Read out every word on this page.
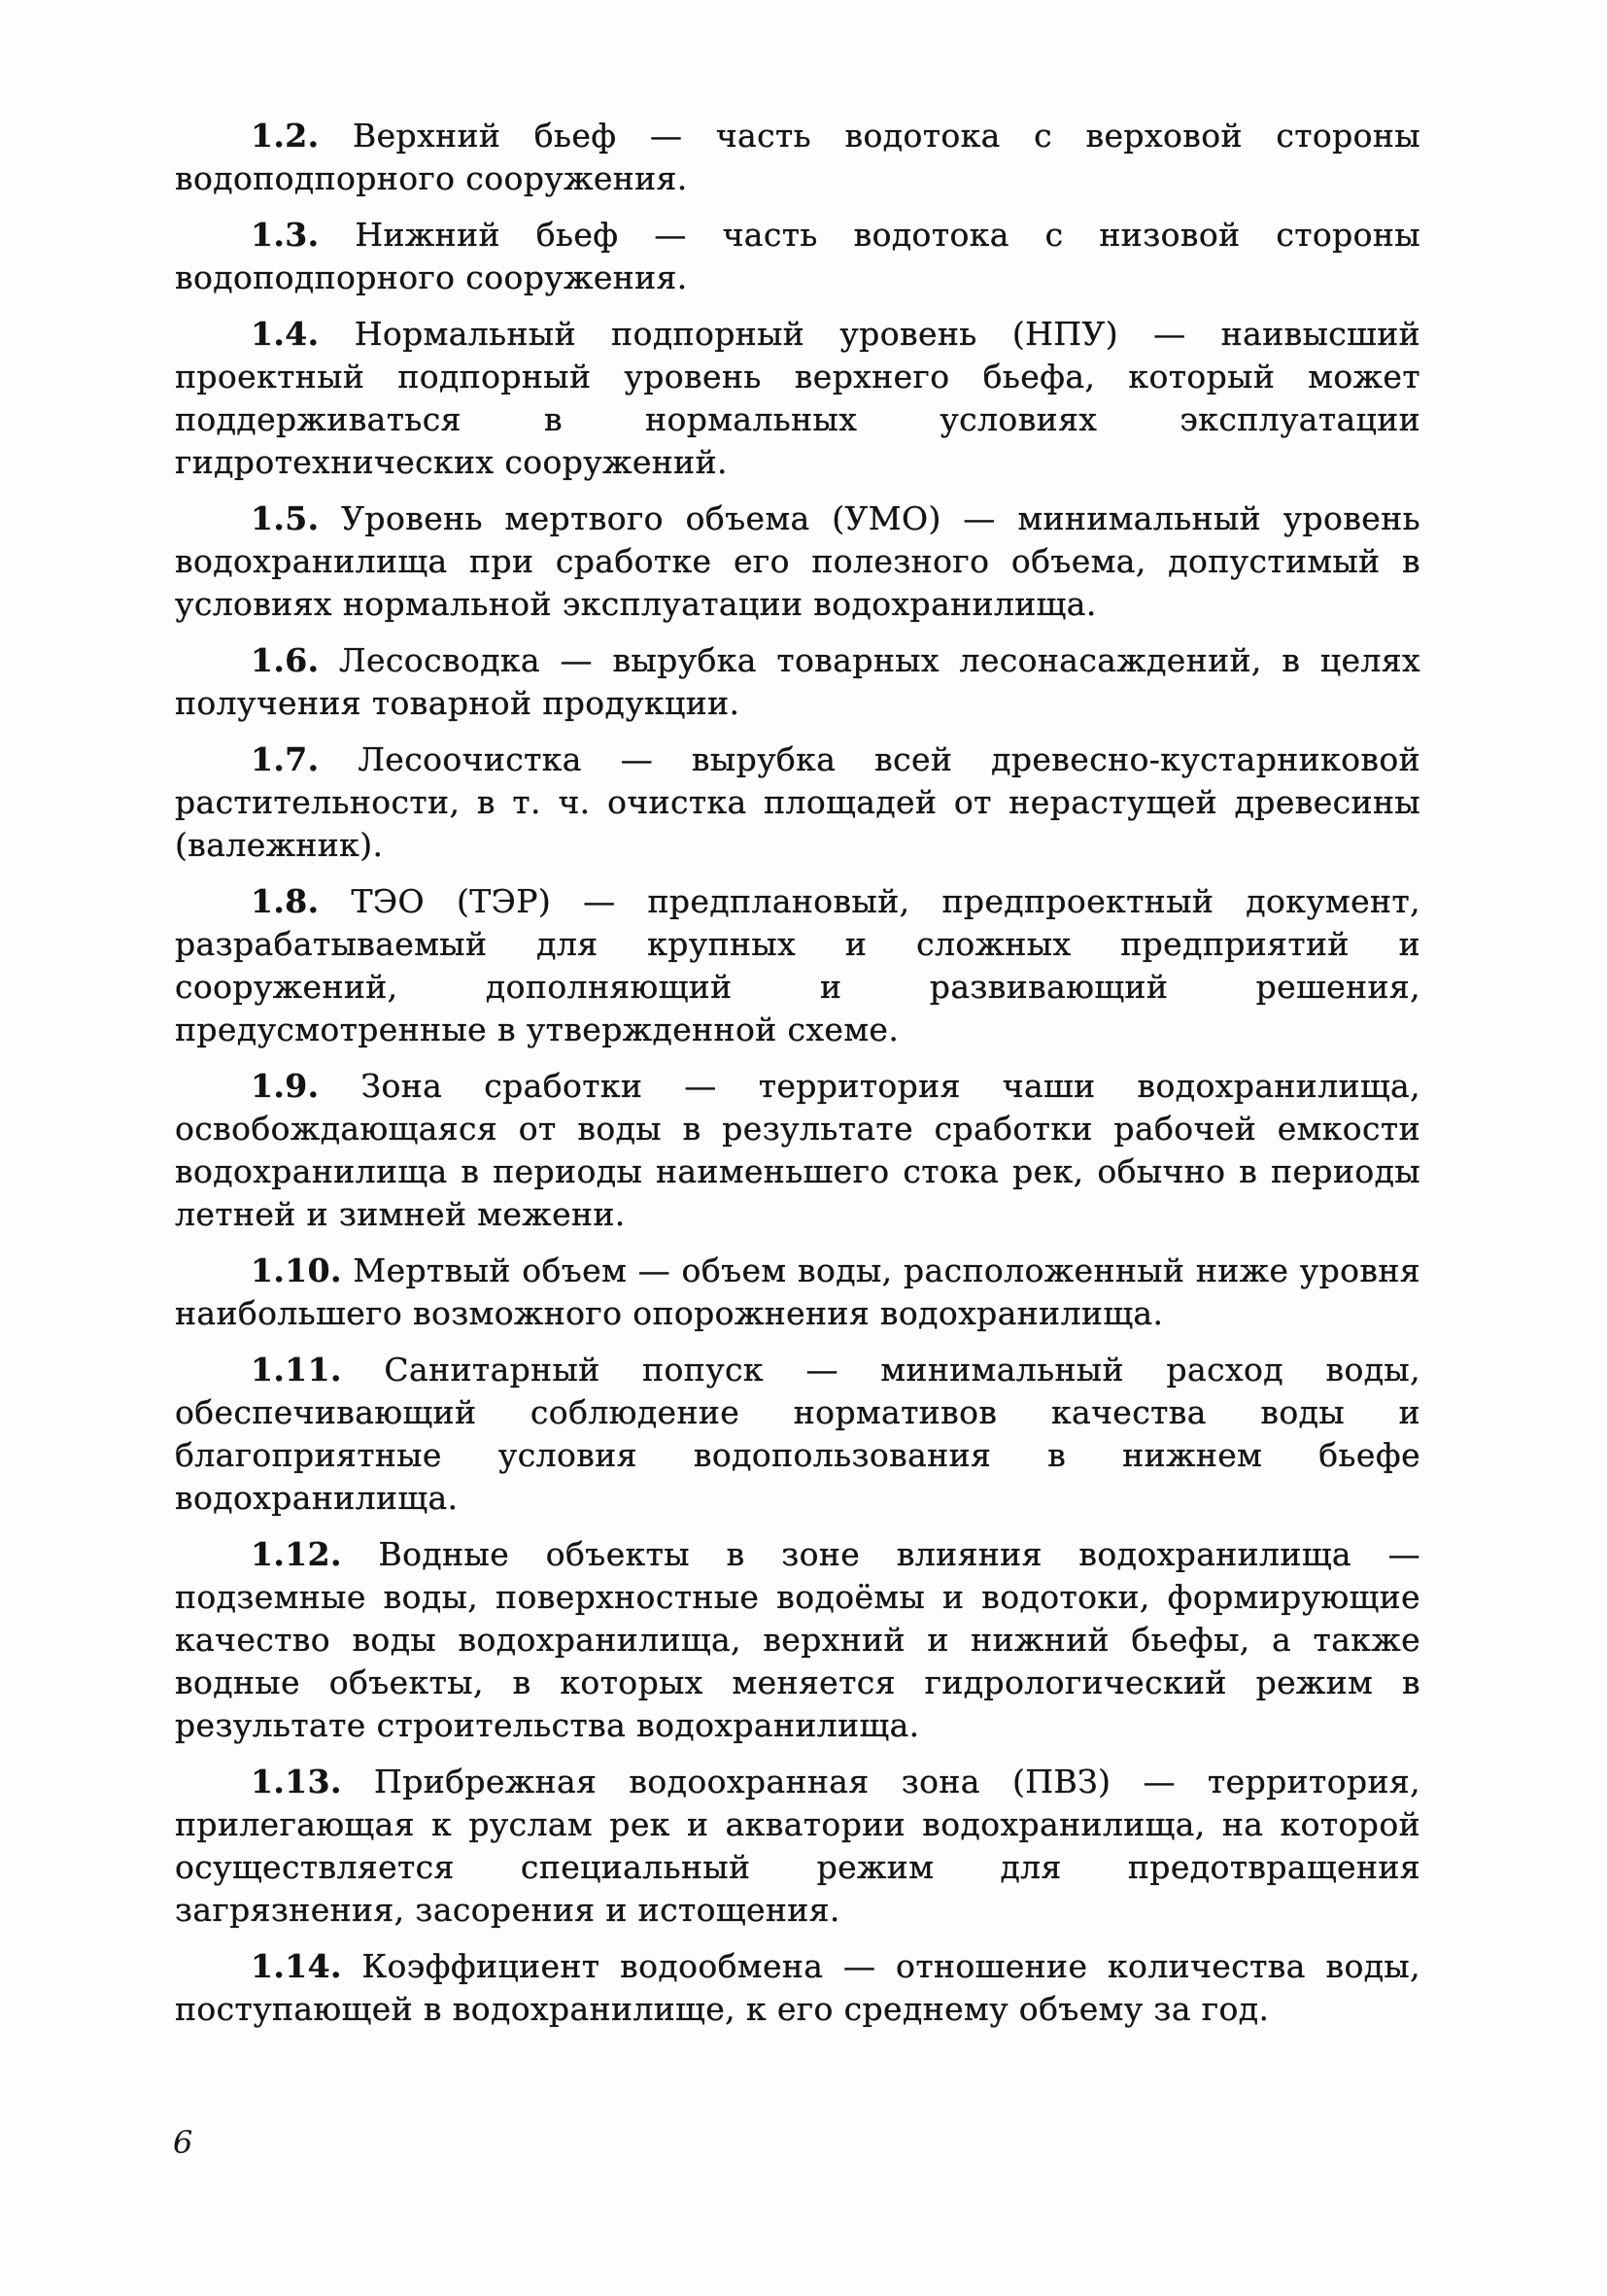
1.2. Верхний бьеф — часть водотока с верховой стороны водоподпорного сооружения.

1.3. Нижний бьеф — часть водотока с низовой стороны водоподпорного сооружения.

1.4. Нормальный подпорный уровень (НПУ) — наивысший проектный подпорный уровень верхнего бьефа, который может поддерживаться в нормальных условиях эксплуатации гидротехнических сооружений.

1.5. Уровень мертвого объема (УМО) — минимальный уровень водохранилища при сработке его полезного объема, допустимый в условиях нормальной эксплуатации водохранилища.

1.6. Лесосводка — вырубка товарных лесонасаждений, в целях получения товарной продукции.

1.7. Лесоочистка — вырубка всей древесно-кустарниковой растительности, в т. ч. очистка площадей от нерастущей древесины (валежник).

1.8. ТЭО (ТЭР) — предплановый, предпроектный документ, разрабатываемый для крупных и сложных предприятий и сооружений, дополняющий и развивающий решения, предусмотренные в утвержденной схеме.

1.9. Зона сработки — территория чаши водохранилища, освобождающаяся от воды в результате сработки рабочей емкости водохранилища в периоды наименьшего стока рек, обычно в периоды летней и зимней межени.

1.10. Мертвый объем — объем воды, расположенный ниже уровня наибольшего возможного опорожнения водохранилища.

1.11. Санитарный попуск — минимальный расход воды, обеспечивающий соблюдение нормативов качества воды и благоприятные условия водопользования в нижнем бьефе водохранилища.

1.12. Водные объекты в зоне влияния водохранилища — подземные воды, поверхностные водоёмы и водотоки, формирующие качество воды водохранилища, верхний и нижний бьефы, а также водные объекты, в которых меняется гидрологический режим в результате строительства водохранилища.

1.13. Прибрежная водоохранная зона (ПВЗ) — территория, прилегающая к руслам рек и акватории водохранилища, на которой осуществляется специальный режим для предотвращения загрязнения, засорения и истощения.

1.14. Коэффициент водообмена — отношение количества воды, поступающей в водохранилище, к его среднему объему за год.

6
